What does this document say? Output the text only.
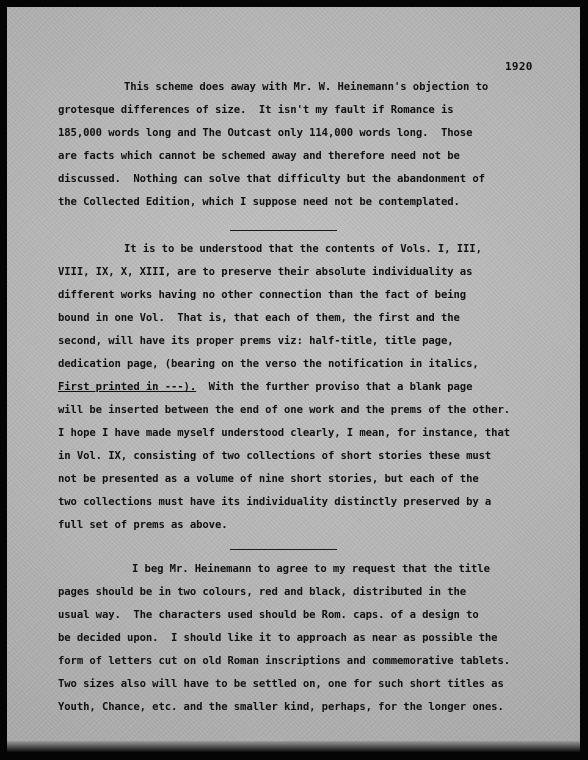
1920
This scheme does away with Mr. W. Heinemann's objection to
grotesque differences of size.  It isn't my fault if Romance is
185,000 words long and The Outcast only 114,000 words long.  Those
are facts which cannot be schemed away and therefore need not be
discussed.  Nothing can solve that difficulty but the abandonment of
the Collected Edition, which I suppose need not be contemplated.
It is to be understood that the contents of Vols. I, III,
VIII, IX, X, XIII, are to preserve their absolute individuality as
different works having no other connection than the fact of being
bound in one Vol.  That is, that each of them, the first and the
second, will have its proper prems viz: half-title, title page,
dedication page, (bearing on the verso the notification in italics,
First printed in ---).  With the further proviso that a blank page
will be inserted between the end of one work and the prems of the other.
I hope I have made myself understood clearly, I mean, for instance, that
in Vol. IX, consisting of two collections of short stories these must
not be presented as a volume of nine short stories, but each of the
two collections must have its individuality distinctly preserved by a
full set of prems as above.
I beg Mr. Heinemann to agree to my request that the title
pages should be in two colours, red and black, distributed in the
usual way.  The characters used should be Rom. caps. of a design to
be decided upon.  I should like it to approach as near as possible the
form of letters cut on old Roman inscriptions and commemorative tablets.
Two sizes also will have to be settled on, one for such short titles as
Youth, Chance, etc. and the smaller kind, perhaps, for the longer ones.
